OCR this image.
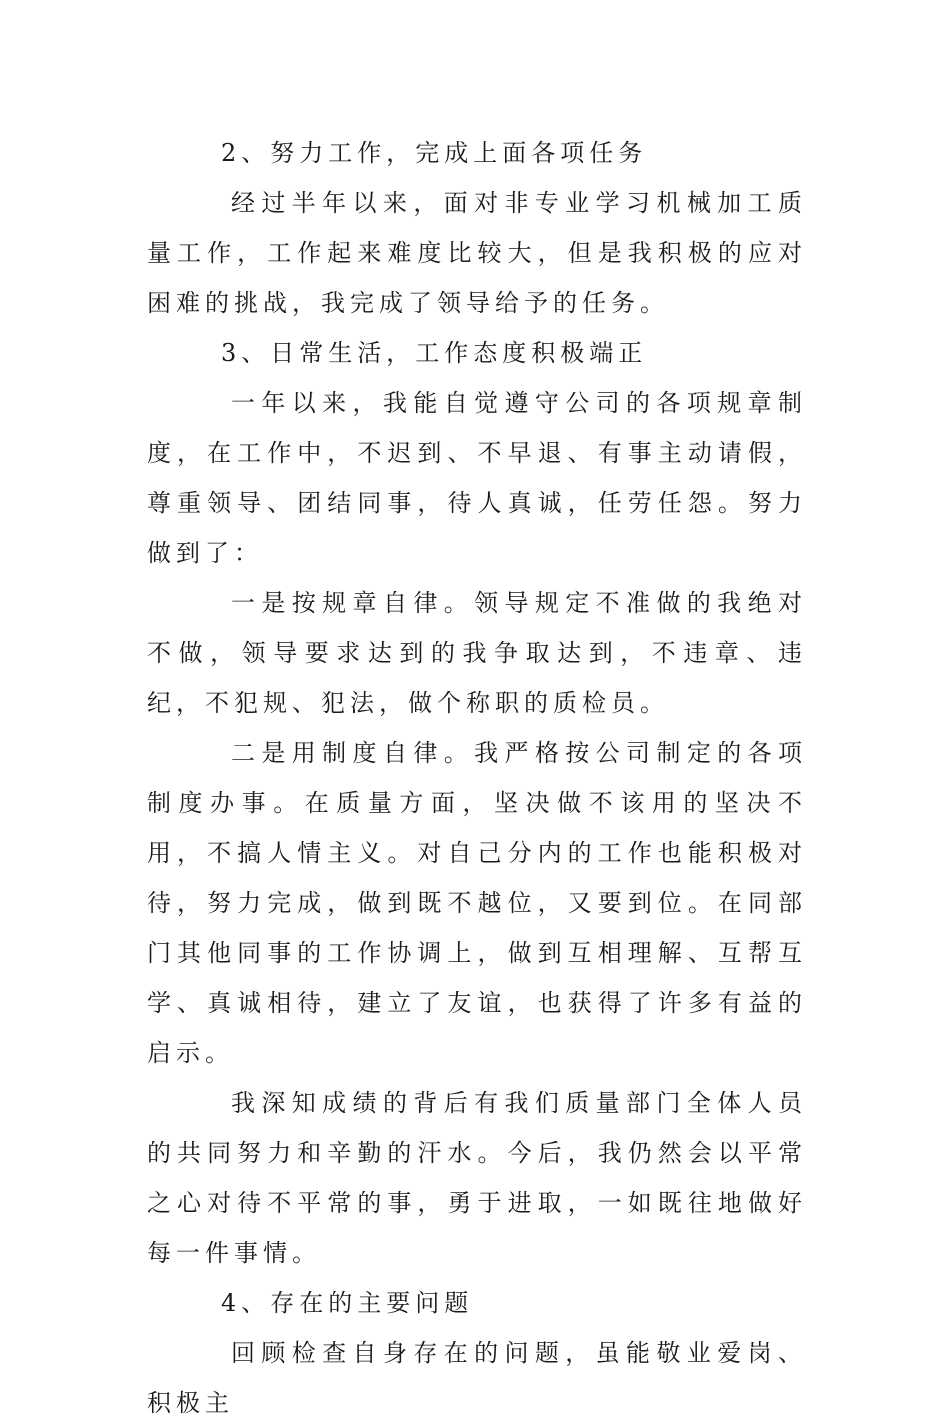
2、努力工作，完成上面各项任务

经过半年以来，面对非专业学习机械加工质量工作，工作起来难度比较大，但是我积极的应对困难的挑战，我完成了领导给予的任务。

3、日常生活，工作态度积极端正

一年以来，我能自觉遵守公司的各项规章制度，在工作中，不迟到、不早退、有事主动请假，尊重领导、团结同事，待人真诚，任劳任怨。努力做到了：

一是按规章自律。领导规定不准做的我绝对不做，领导要求达到的我争取达到，不违章、违纪，不犯规、犯法，做个称职的质检员。

二是用制度自律。我严格按公司制定的各项制度办事。在质量方面，坚决做不该用的坚决不用，不搞人情主义。对自己分内的工作也能积极对待，努力完成，做到既不越位，又要到位。在同部门其他同事的工作协调上，做到互相理解、互帮互学、真诚相待，建立了友谊，也获得了许多有益的启示。

我深知成绩的背后有我们质量部门全体人员的共同努力和辛勤的汗水。今后，我仍然会以平常之心对待不平常的事，勇于进取，一如既往地做好每一件事情。

4、存在的主要问题

回顾检查自身存在的问题，虽能敬业爱岗、积极主
